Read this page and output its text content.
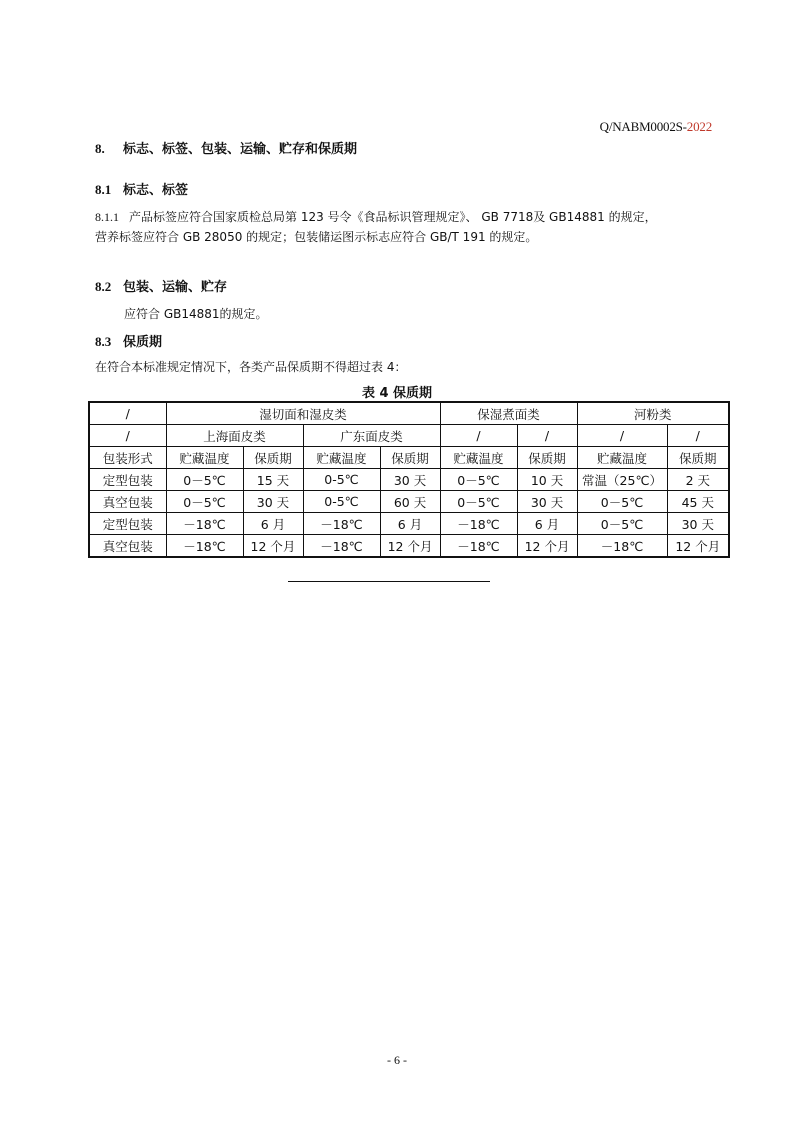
Q/NABM0002S-2022
8. 标志、标签、包装、运输、贮存和保质期
8.1 标志、标签
8.1.1 产品标签应符合国家质检总局第 123 号令《食品标识管理规定》、 GB 7718及 GB14881 的规定，
营养标签应符合 GB 28050 的规定；包装储运图示标志应符合 GB/T 191 的规定。
8.2 包装、运输、贮存
应符合 GB14881的规定。
8.3 保质期
在符合本标准规定情况下，各类产品保质期不得超过表 4：
表 4 保质期
/	湿切面和湿皮类				保湿煮面类		河粉类	
/	上海面皮类		广东面皮类		/	/	/	/
包装形式	贮藏温度	保质期	贮藏温度	保质期	贮藏温度	保质期	贮藏温度	保质期
定型包装	0－5℃	15 天	0-5℃	30 天	0－5℃	10 天	常温（25℃）	2 天
真空包装	0－5℃	30 天	0-5℃	60 天	0－5℃	30 天	0－5℃	45 天
定型包装	－18℃	6 月	－18℃	6 月	－18℃	6 月	0－5℃	30 天
真空包装	－18℃	12 个月	－18℃	12 个月	－18℃	12 个月	－18℃	12 个月
- 6 -
